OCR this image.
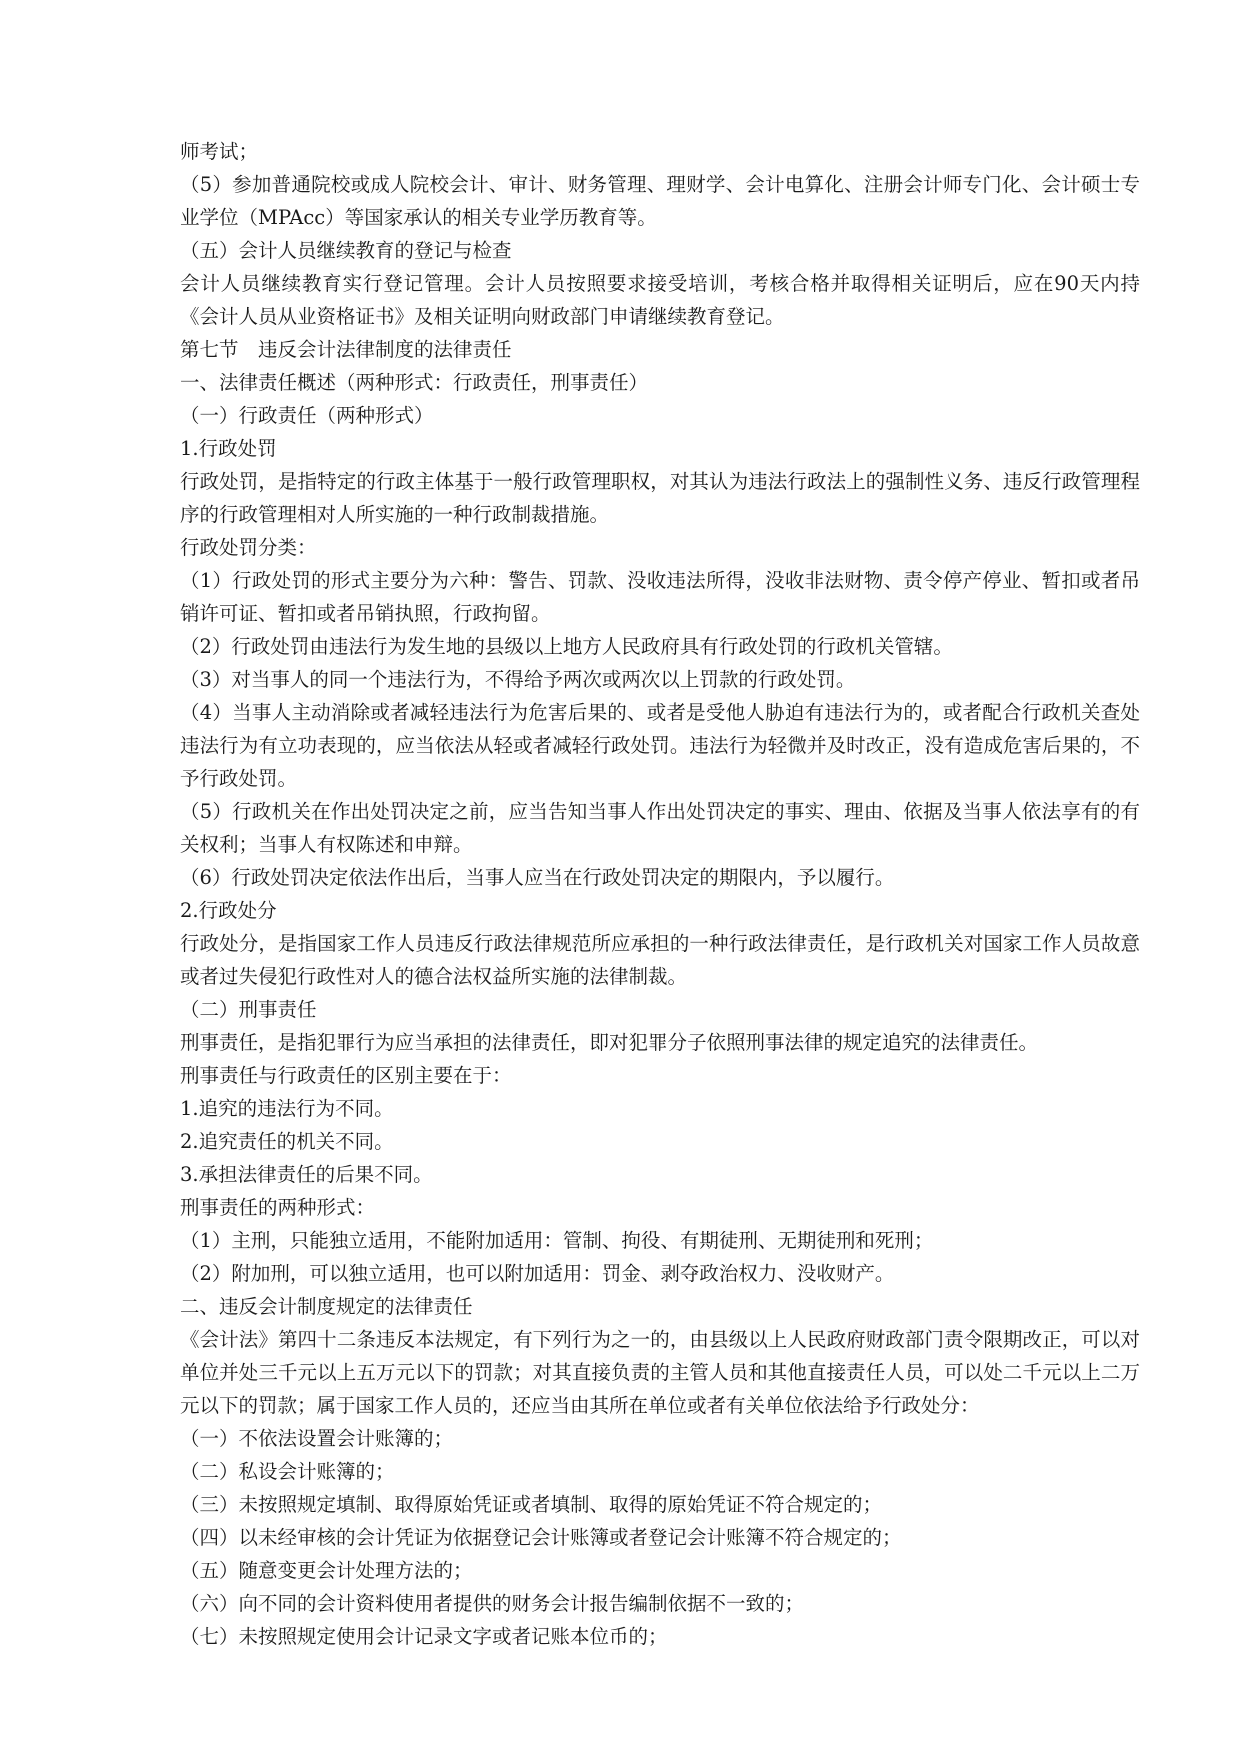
师考试；

（5）参加普通院校或成人院校会计、审计、财务管理、理财学、会计电算化、注册会计师专门化、会计硕士专业学位（MPAcc）等国家承认的相关专业学历教育等。

（五）会计人员继续教育的登记与检查

会计人员继续教育实行登记管理。会计人员按照要求接受培训，考核合格并取得相关证明后，应在90天内持《会计人员从业资格证书》及相关证明向财政部门申请继续教育登记。

第七节　违反会计法律制度的法律责任

一、法律责任概述（两种形式：行政责任，刑事责任）

（一）行政责任（两种形式）

1.行政处罚

行政处罚，是指特定的行政主体基于一般行政管理职权，对其认为违法行政法上的强制性义务、违反行政管理程序的行政管理相对人所实施的一种行政制裁措施。

行政处罚分类：

（1）行政处罚的形式主要分为六种：警告、罚款、没收违法所得，没收非法财物、责令停产停业、暂扣或者吊销许可证、暂扣或者吊销执照，行政拘留。

（2）行政处罚由违法行为发生地的县级以上地方人民政府具有行政处罚的行政机关管辖。

（3）对当事人的同一个违法行为，不得给予两次或两次以上罚款的行政处罚。

（4）当事人主动消除或者减轻违法行为危害后果的、或者是受他人胁迫有违法行为的，或者配合行政机关查处违法行为有立功表现的，应当依法从轻或者减轻行政处罚。违法行为轻微并及时改正，没有造成危害后果的，不予行政处罚。

（5）行政机关在作出处罚决定之前，应当告知当事人作出处罚决定的事实、理由、依据及当事人依法享有的有关权利；当事人有权陈述和申辩。

（6）行政处罚决定依法作出后，当事人应当在行政处罚决定的期限内，予以履行。

2.行政处分

行政处分，是指国家工作人员违反行政法律规范所应承担的一种行政法律责任，是行政机关对国家工作人员故意或者过失侵犯行政性对人的德合法权益所实施的法律制裁。

（二）刑事责任

刑事责任，是指犯罪行为应当承担的法律责任，即对犯罪分子依照刑事法律的规定追究的法律责任。

刑事责任与行政责任的区别主要在于：

1.追究的违法行为不同。

2.追究责任的机关不同。

3.承担法律责任的后果不同。

刑事责任的两种形式：

（1）主刑，只能独立适用，不能附加适用：管制、拘役、有期徒刑、无期徒刑和死刑；

（2）附加刑，可以独立适用，也可以附加适用：罚金、剥夺政治权力、没收财产。

二、违反会计制度规定的法律责任

《会计法》第四十二条违反本法规定，有下列行为之一的，由县级以上人民政府财政部门责令限期改正，可以对单位并处三千元以上五万元以下的罚款；对其直接负责的主管人员和其他直接责任人员，可以处二千元以上二万元以下的罚款；属于国家工作人员的，还应当由其所在单位或者有关单位依法给予行政处分：

（一）不依法设置会计账簿的；

（二）私设会计账簿的；

（三）未按照规定填制、取得原始凭证或者填制、取得的原始凭证不符合规定的；

（四）以未经审核的会计凭证为依据登记会计账簿或者登记会计账簿不符合规定的；

（五）随意变更会计处理方法的；

（六）向不同的会计资料使用者提供的财务会计报告编制依据不一致的；

（七）未按照规定使用会计记录文字或者记账本位币的；
